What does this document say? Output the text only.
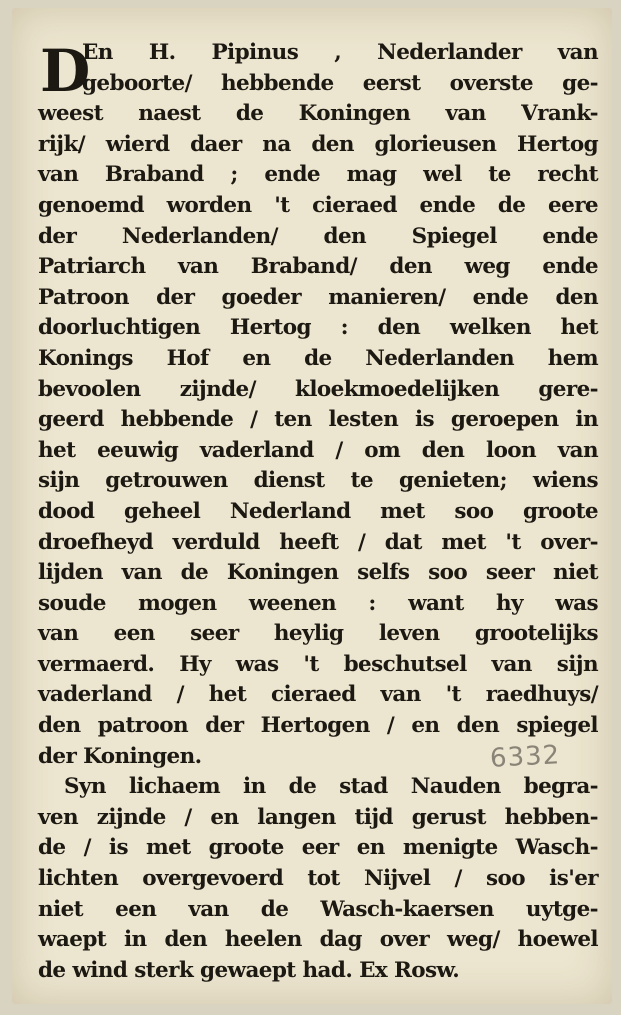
D
6332
En H. Pipinus , Nederlander van
geboorte/ hebbende eerst overste ge-
weest naest de Koningen van Vrank-
rijk/ wierd daer na den glorieusen Hertog
van Braband ; ende mag wel te recht
genoemd worden 't cieraed ende de eere
der Nederlanden/ den Spiegel ende
Patriarch van Braband/ den weg ende
Patroon der goeder manieren/ ende den
doorluchtigen Hertog : den welken het
Konings Hof en de Nederlanden hem
bevoolen zijnde/ kloekmoedelijken gere-
geerd hebbende / ten lesten is geroepen in
het eeuwig vaderland / om den loon van
sijn getrouwen dienst te genieten; wiens
dood geheel Nederland met soo groote
droefheyd verduld heeft / dat met 't over-
lijden van de Koningen selfs soo seer niet
soude mogen weenen : want hy was
van een seer heylig leven grootelijks
vermaerd. Hy was 't beschutsel van sijn
vaderland / het cieraed van 't raedhuys/
den patroon der Hertogen / en den spiegel
der Koningen.
Syn lichaem in de stad Nauden begra-
ven zijnde / en langen tijd gerust hebben-
de / is met groote eer en menigte Wasch-
lichten overgevoerd tot Nijvel / soo is'er
niet een van de Wasch-kaersen uytge-
waept in den heelen dag over weg/ hoewel
de wind sterk gewaept had. Ex Rosw.
